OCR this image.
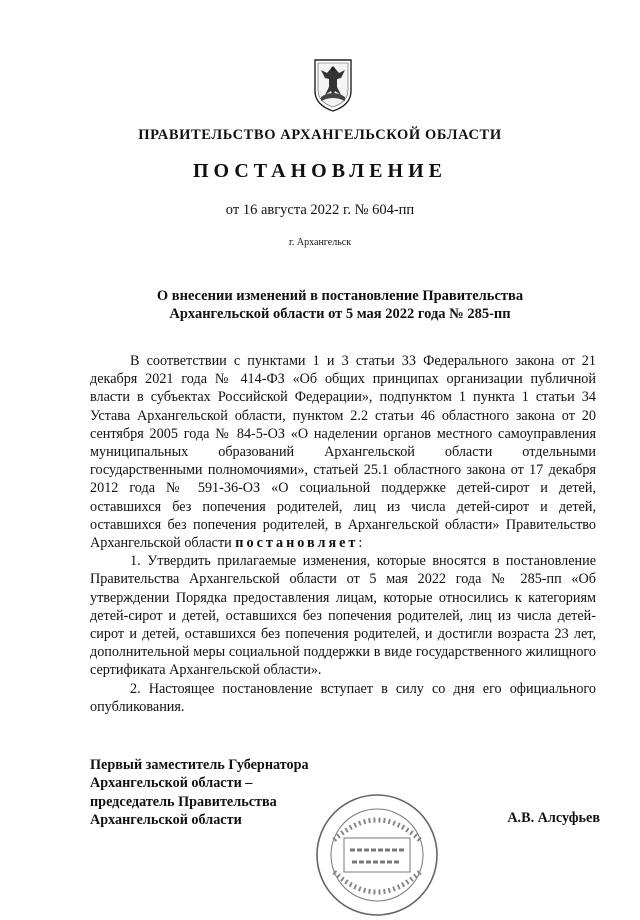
ПРАВИТЕЛЬСТВО АРХАНГЕЛЬСКОЙ ОБЛАСТИ
ПОСТАНОВЛЕНИЕ
от 16 августа 2022 г. № 604-пп
г. Архангельск
О внесении изменений в постановление Правительства
Архангельской области от 5 мая 2022 года № 285-пп

В соответствии с пунктами 1 и 3 статьи 33 Федерального закона от 21 декабря 2021 года № 414-ФЗ «Об общих принципах организации публичной власти в субъектах Российской Федерации», подпунктом 1 пункта 1 статьи 34 Устава Архангельской области, пунктом 2.2 статьи 46 областного закона от 20 сентября 2005 года № 84-5-ОЗ «О наделении органов местного самоуправления муниципальных образований Архангельской области отдельными государственными полномочиями», статьей 25.1 областного закона от 17 декабря 2012 года № 591-36-ОЗ «О социальной поддержке детей-сирот и детей, оставшихся без попечения родителей, лиц из числа детей-сирот и детей, оставшихся без попечения родителей, в Архангельской области» Правительство Архангельской области постановляет:

1. Утвердить прилагаемые изменения, которые вносятся в постановление Правительства Архангельской области от 5 мая 2022 года № 285-пп «Об утверждении Порядка предоставления лицам, которые относились к категориям детей-сирот и детей, оставшихся без попечения родителей, лиц из числа детей-сирот и детей, оставшихся без попечения родителей, и достигли возраста 23 лет, дополнительной меры социальной поддержки в виде государственного жилищного сертификата Архангельской области».

2. Настоящее постановление вступает в силу со дня его официального опубликования.

Первый заместитель Губернатора
Архангельской области –
председатель Правительства
Архангельской области	А.В. Алсуфьев
